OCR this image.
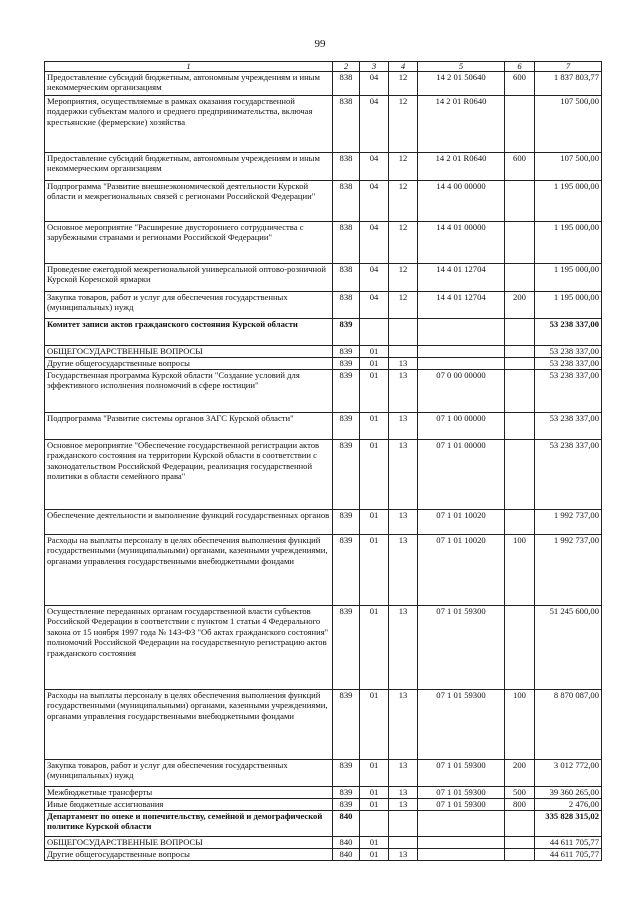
99
1	2	3	4	5	6	7
Предоставление субсидий бюджетным, автономным учреждениям и иным некоммерческим организациям	838	04	12	14 2 01 50640	600	1 837 803,77
Мероприятия, осуществляемые в рамках оказания государственной поддержки субъектам малого и среднего предпринимательства, включая крестьянские (фермерские) хозяйства	838	04	12	14 2 01 R0640		107 500,00
Предоставление субсидий бюджетным, автономным учреждениям и иным некоммерческим организациям	838	04	12	14 2 01 R0640	600	107 500,00
Подпрограмма "Развитие внешнеэкономической деятельности Курской области и межрегиональных связей с регионами Российской Федерации"	838	04	12	14 4 00 00000		1 195 000,00
Основное мероприятие "Расширение двустороннего сотрудничества с зарубежными странами и регионами Российской Федерации"	838	04	12	14 4 01 00000		1 195 000,00
Проведение ежегодной межрегиональной универсальной оптово-розничной Курской Коренской ярмарки	838	04	12	14 4 01 12704		1 195 000,00
Закупка товаров, работ и услуг для обеспечения государственных (муниципальных) нужд	838	04	12	14 4 01 12704	200	1 195 000,00
Комитет записи актов гражданского состояния Курской области	839					53 238 337,00
ОБЩЕГОСУДАРСТВЕННЫЕ ВОПРОСЫ	839	01				53 238 337,00
Другие общегосударственные вопросы	839	01	13			53 238 337,00
Государственная программа Курской области "Создание условий для эффективного исполнения полномочий в сфере юстиции"	839	01	13	07 0 00 00000		53 238 337,00
Подпрограмма "Развитие системы органов ЗАГС Курской области"	839	01	13	07 1 00 00000		53 238 337,00
Основное мероприятие "Обеспечение государственной регистрации актов гражданского состояния на территории Курской области в соответствии с законодательством Российской Федерации, реализация государственной политики в области семейного права"	839	01	13	07 1 01 00000		53 238 337,00
Обеспечение деятельности и выполнение функций государственных органов	839	01	13	07 1 01 10020		1 992 737,00
Расходы на выплаты персоналу в целях обеспечения выполнения функций государственными (муниципальными) органами, казенными учреждениями, органами управления государственными внебюджетными фондами	839	01	13	07 1 01 10020	100	1 992 737,00
Осуществление переданных органам государственной власти субъектов Российской Федерации в соответствии с пунктом 1 статьи 4 Федерального закона от 15 ноября 1997 года № 143-ФЗ "Об актах гражданского состояния" полномочий Российской Федерации на государственную регистрацию актов гражданского состояния	839	01	13	07 1 01 59300		51 245 600,00
Расходы на выплаты персоналу в целях обеспечения выполнения функций государственными (муниципальными) органами, казенными учреждениями, органами управления государственными внебюджетными фондами	839	01	13	07 1 01 59300	100	8 870 087,00
Закупка товаров, работ и услуг для обеспечения государственных (муниципальных) нужд	839	01	13	07 1 01 59300	200	3 012 772,00
Межбюджетные трансферты	839	01	13	07 1 01 59300	500	39 360 265,00
Иные бюджетные ассигнования	839	01	13	07 1 01 59300	800	2 476,00
Департамент по опеке и попечительству, семейной и демографической политике Курской области	840					335 828 315,02
ОБЩЕГОСУДАРСТВЕННЫЕ ВОПРОСЫ	840	01				44 611 705,77
Другие общегосударственные вопросы	840	01	13			44 611 705,77
